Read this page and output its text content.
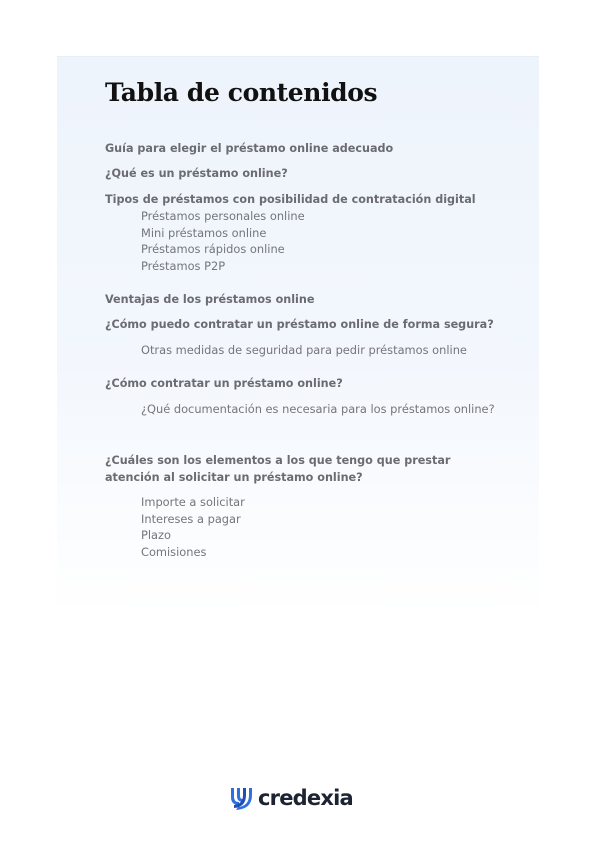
Tabla de contenidos
Guía para elegir el préstamo online adecuado
¿Qué es un préstamo online?
Tipos de préstamos con posibilidad de contratación digital
Préstamos personales online
Mini préstamos online
Préstamos rápidos online
Préstamos P2P
Ventajas de los préstamos online
¿Cómo puedo contratar un préstamo online de forma segura?
Otras medidas de seguridad para pedir préstamos online
¿Cómo contratar un préstamo online?
¿Qué documentación es necesaria para los préstamos online?
¿Cuáles son los elementos a los que tengo que prestar atención al solicitar un préstamo online?
Importe a solicitar
Intereses a pagar
Plazo
Comisiones
credexia
